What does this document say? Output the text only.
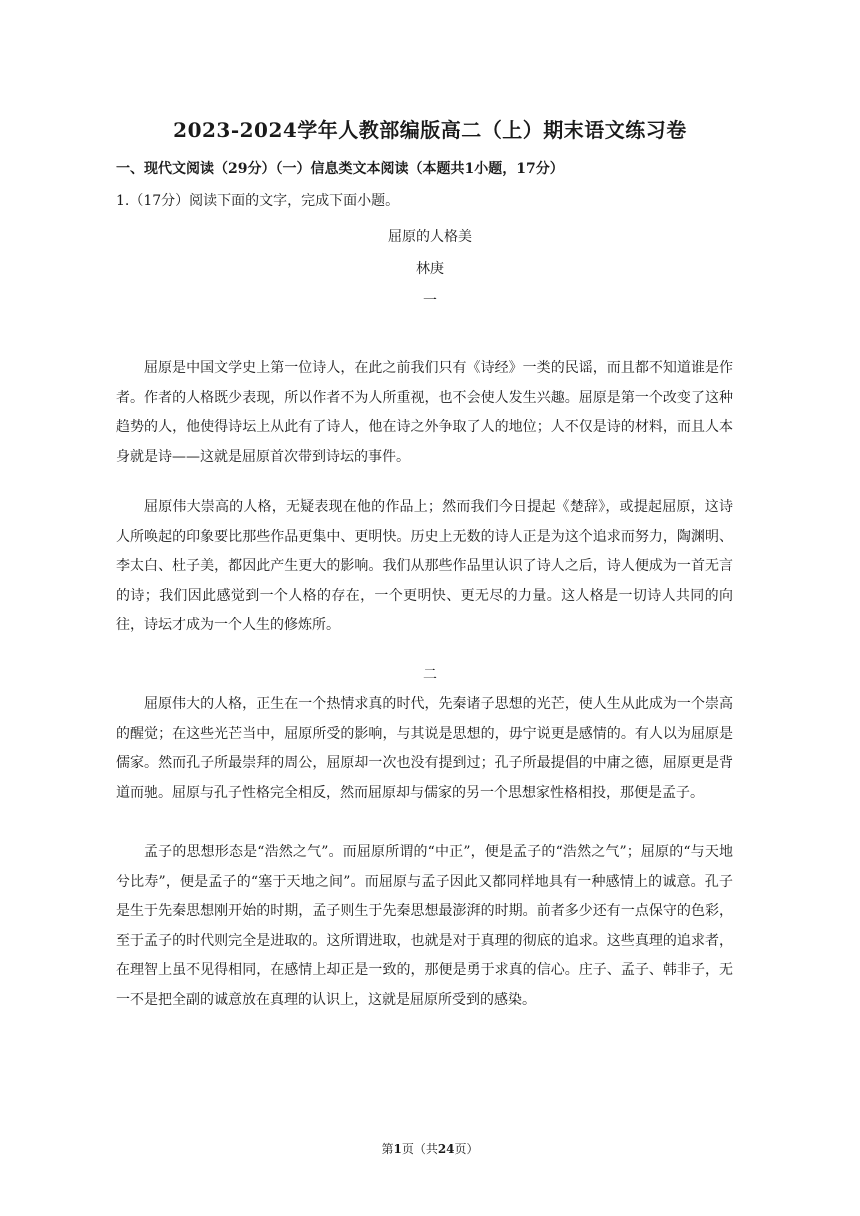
2023-2024学年人教部编版高二（上）期末语文练习卷
一、现代文阅读（29分）（一）信息类文本阅读（本题共1小题，17分）
1.（17分）阅读下面的文字，完成下面小题。
屈原的人格美
林庚
一

屈原是中国文学史上第一位诗人，在此之前我们只有《诗经》一类的民谣，而且都不知道谁是作者。作者的人格既少表现，所以作者不为人所重视，也不会使人发生兴趣。屈原是第一个改变了这种趋势的人，他使得诗坛上从此有了诗人，他在诗之外争取了人的地位；人不仅是诗的材料，而且人本身就是诗——这就是屈原首次带到诗坛的事件。

屈原伟大崇高的人格，无疑表现在他的作品上；然而我们今日提起《楚辞》，或提起屈原，这诗人所唤起的印象要比那些作品更集中、更明快。历史上无数的诗人正是为这个追求而努力，陶渊明、李太白、杜子美，都因此产生更大的影响。我们从那些作品里认识了诗人之后，诗人便成为一首无言的诗；我们因此感觉到一个人格的存在，一个更明快、更无尽的力量。这人格是一切诗人共同的向往，诗坛才成为一个人生的修炼所。

二

屈原伟大的人格，正生在一个热情求真的时代，先秦诸子思想的光芒，使人生从此成为一个崇高的醒觉；在这些光芒当中，屈原所受的影响，与其说是思想的，毋宁说更是感情的。有人以为屈原是儒家。然而孔子所最崇拜的周公，屈原却一次也没有提到过；孔子所最提倡的中庸之德，屈原更是背道而驰。屈原与孔子性格完全相反，然而屈原却与儒家的另一个思想家性格相投，那便是孟子。

孟子的思想形态是“浩然之气”。而屈原所谓的“中正”，便是孟子的“浩然之气”；屈原的“与天地兮比寿”，便是孟子的“塞于天地之间”。而屈原与孟子因此又都同样地具有一种感情上的诚意。孔子是生于先秦思想刚开始的时期，孟子则生于先秦思想最澎湃的时期。前者多少还有一点保守的色彩，至于孟子的时代则完全是进取的。这所谓进取，也就是对于真理的彻底的追求。这些真理的追求者，在理智上虽不见得相同，在感情上却正是一致的，那便是勇于求真的信心。庄子、孟子、韩非子，无一不是把全副的诚意放在真理的认识上，这就是屈原所受到的感染。

第1页（共24页）
